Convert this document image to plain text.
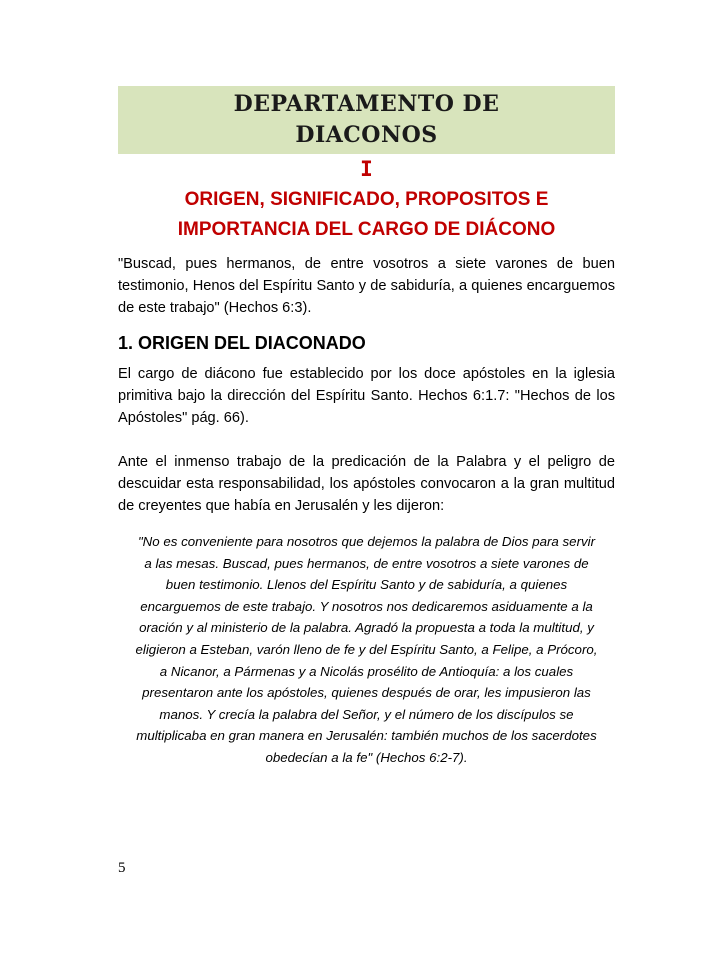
DEPARTAMENTO DE
DIACONOS
I
ORIGEN, SIGNIFICADO, PROPOSITOS E
IMPORTANCIA DEL CARGO DE DIÁCONO

"Buscad, pues hermanos, de entre vosotros a siete varones de buen testimonio, Henos del Espíritu Santo y de sabiduría, a quienes encarguemos de este trabajo" (Hechos 6:3).

1. ORIGEN DEL DIACONADO

El cargo de diácono fue establecido por los doce apóstoles en la iglesia primitiva bajo la dirección del Espíritu Santo. Hechos 6:1.7: "Hechos de los Apóstoles" pág. 66).

Ante el inmenso trabajo de la predicación de la Palabra y el peligro de descuidar esta responsabilidad, los apóstoles convocaron a la gran multitud de creyentes que había en Jerusalén y les dijeron:

"No es conveniente para nosotros que dejemos la palabra de Dios para servir
a las mesas. Buscad, pues hermanos, de entre vosotros a siete varones de
buen testimonio. Llenos del Espíritu Santo y de sabiduría, a quienes
encarguemos de este trabajo. Y nosotros nos dedicaremos asiduamente a la
oración y al ministerio de la palabra. Agradó la propuesta a toda la multitud, y
eligieron a Esteban, varón lleno de fe y del Espíritu Santo, a Felipe, a Prócoro,
a Nicanor, a Pármenas y a Nicolás prosélito de Antioquía: a los cuales
presentaron ante los apóstoles, quienes después de orar, les impusieron las
manos. Y crecía la palabra del Señor, y el número de los discípulos se
multiplicaba en gran manera en Jerusalén: también muchos de los sacerdotes
obedecían a la fe" (Hechos 6:2-7).
5
